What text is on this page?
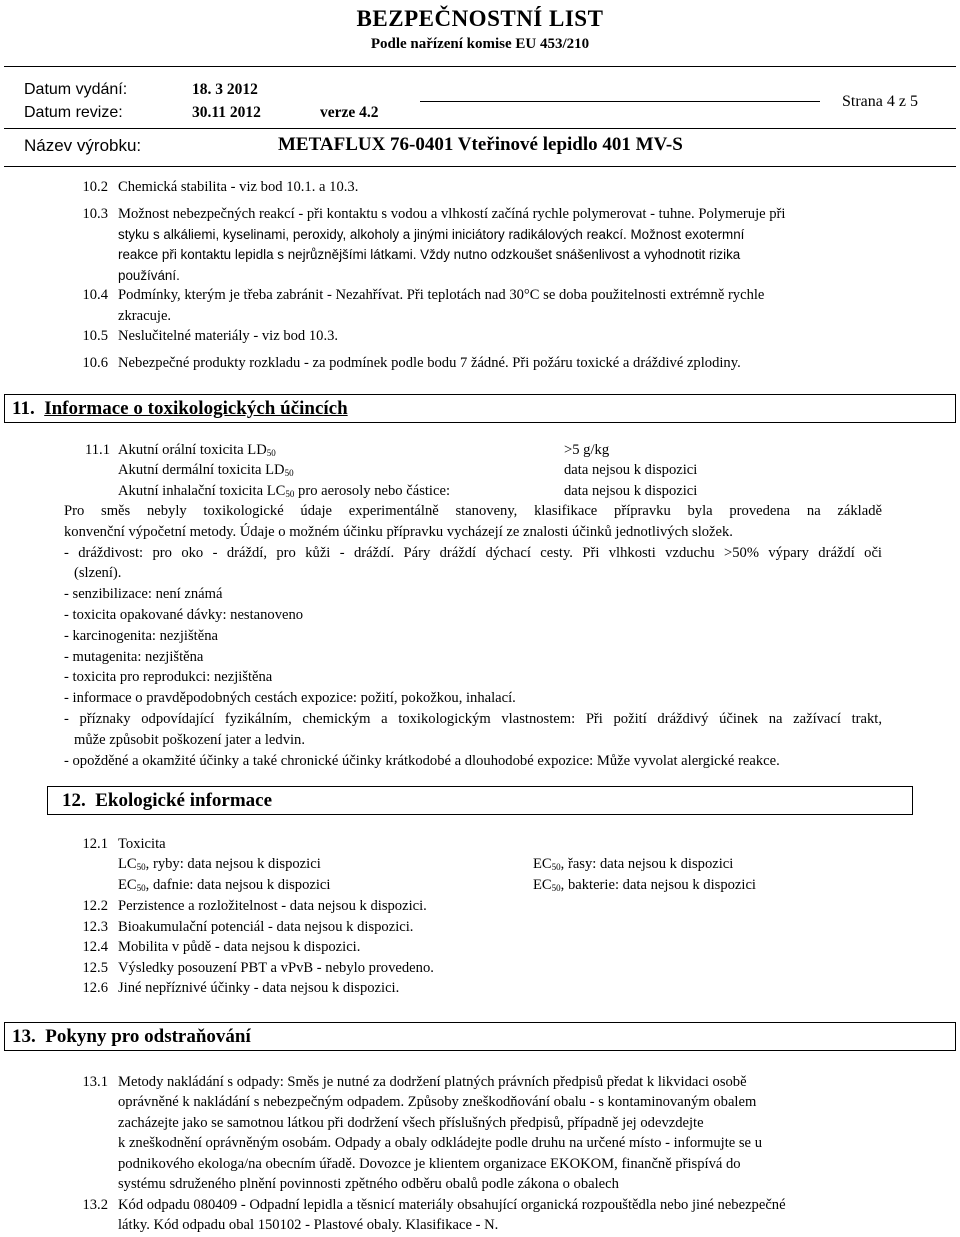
BEZPEČNOSTNÍ LIST
Podle nařízení komise EU 453/210
Datum vydání:	18. 3 2012
Datum revize:	30.11 2012	verze 4.2
Strana 4 z 5
Název výrobku:	METAFLUX 76-0401 Vteřinové lepidlo 401 MV-S
10.2 Chemická stabilita - viz bod 10.1. a 10.3.
10.3 Možnost nebezpečných reakcí - při kontaktu s vodou a vlhkostí začíná rychle polymerovat - tuhne. Polymeruje při
styku s alkáliemi, kyselinami, peroxidy, alkoholy a jinými iniciátory radikálových reakcí. Možnost exotermní
reakce při kontaktu lepidla s nejrůznějšími látkami. Vždy nutno odzkoušet snášenlivost a vyhodnotit rizika
používání.
10.4 Podmínky, kterým je třeba zabránit - Nezahřívat. Při teplotách nad 30°C se doba použitelnosti extrémně rychle
zkracuje.
10.5 Neslučitelné materiály - viz bod 10.3.
10.6 Nebezpečné produkty rozkladu - za podmínek podle bodu 7 žádné. Při požáru toxické a dráždivé zplodiny.
11. Informace o toxikologických účincích
11.1 Akutní orální toxicita $LD_{50}$	>5 g/kg
Akutní dermální toxicita $LD_{50}$	data nejsou k dispozici
Akutní inhalační toxicita $LC_{50}$ pro aerosoly nebo částice:	data nejsou k dispozici
Pro směs nebyly toxikologické údaje experimentálně stanoveny, klasifikace přípravku byla provedena na základě
konvenční výpočetní metody. Údaje o možném účinku přípravku vycházejí ze znalosti účinků jednotlivých složek.
- dráždivost: pro oko - dráždí, pro kůži - dráždí. Páry dráždí dýchací cesty. Při vlhkosti vzduchu >50% výpary dráždí oči
(slzení).
- senzibilizace: není známá
- toxicita opakované dávky: nestanoveno
- karcinogenita: nezjištěna
- mutagenita: nezjištěna
- toxicita pro reprodukci: nezjištěna
- informace o pravděpodobných cestách expozice: požití, pokožkou, inhalací.
- příznaky odpovídající fyzikálním, chemickým a toxikologickým vlastnostem: Při požití dráždivý účinek na zažívací trakt,
může způsobit poškození jater a ledvin.
- opožděné a okamžité účinky a také chronické účinky krátkodobé a dlouhodobé expozice: Může vyvolat alergické reakce.
12. Ekologické informace
12.1 Toxicita
$LC_{50}$, ryby: data nejsou k dispozici	$EC_{50}$, řasy: data nejsou k dispozici
$EC_{50}$, dafnie: data nejsou k dispozici	$EC_{50}$, bakterie: data nejsou k dispozici
12.2 Perzistence a rozložitelnost - data nejsou k dispozici.
12.3 Bioakumulační potenciál - data nejsou k dispozici.
12.4 Mobilita v půdě - data nejsou k dispozici.
12.5 Výsledky posouzení PBT a vPvB - nebylo provedeno.
12.6 Jiné nepříznivé účinky - data nejsou k dispozici.
13. Pokyny pro odstraňování
13.1 Metody nakládání s odpady: Směs je nutné za dodržení platných právních předpisů předat k likvidaci osobě
oprávněné k nakládání s nebezpečným odpadem. Způsoby zneškodňování obalu - s kontaminovaným obalem
zacházejte jako se samotnou látkou při dodržení všech příslušných předpisů, případně jej odevzdejte
k zneškodnění oprávněným osobám. Odpady a obaly odkládejte podle druhu na určené místo - informujte se u
podnikového ekologa/na obecním úřadě. Dovozce je klientem organizace EKOKOM, finančně přispívá do
systému sdruženého plnění povinnosti zpětného odběru obalů podle zákona o obalech
13.2 Kód odpadu 080409 - Odpadní lepidla a těsnicí materiály obsahující organická rozpouštědla nebo jiné nebezpečné
látky. Kód odpadu obal 150102 - Plastové obaly. Klasifikace - N.
